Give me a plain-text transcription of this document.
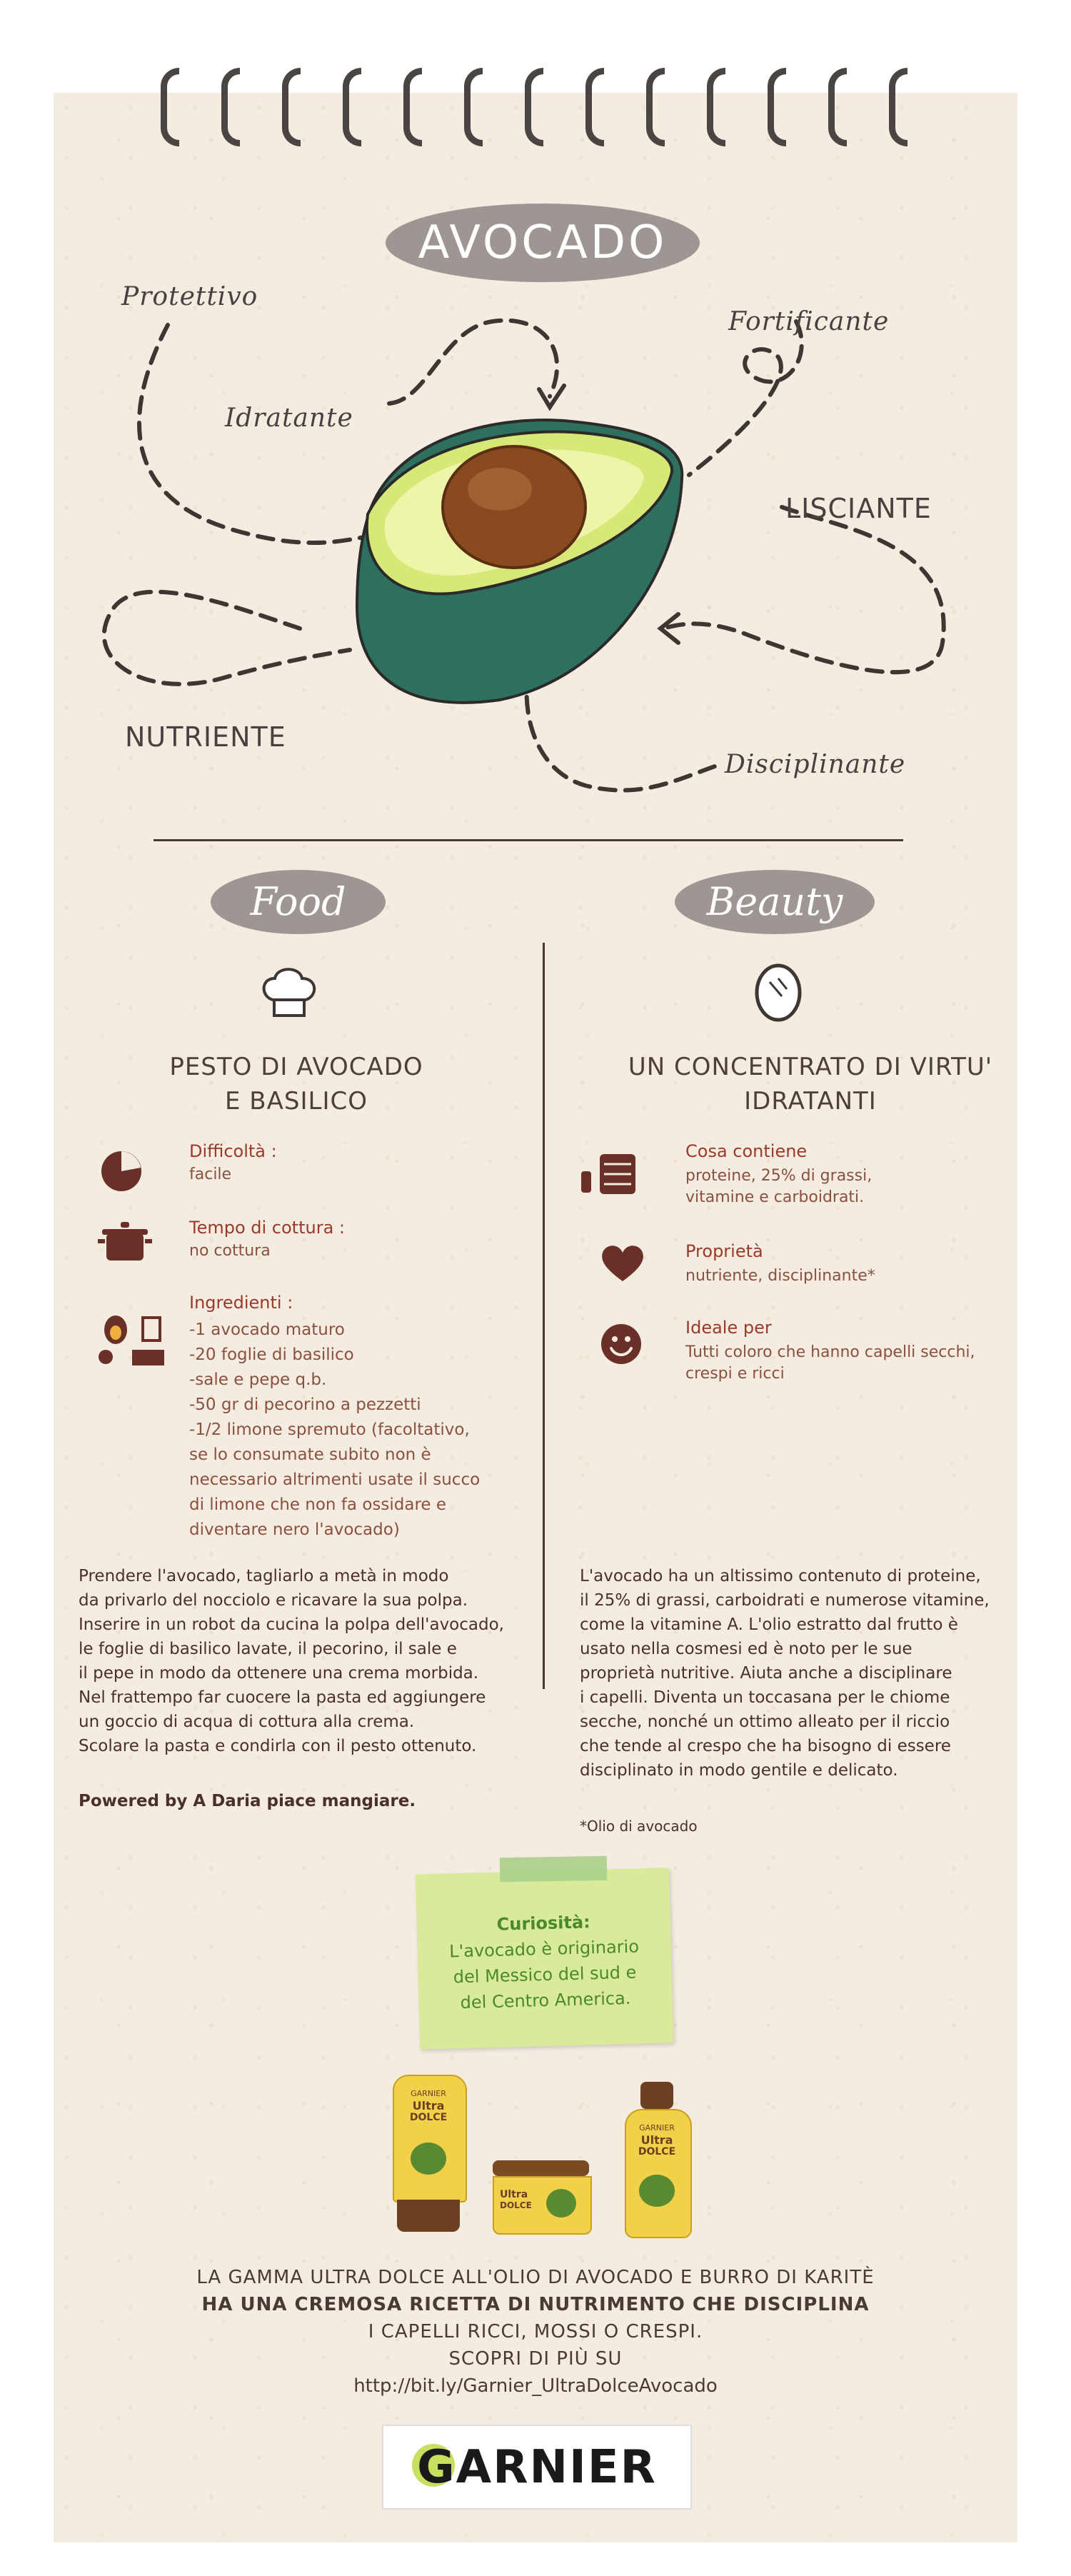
AVOCADO
Protettivo
Fortificante
Idratante
LISCIANTE
NUTRIENTE
Disciplinante
Food
PESTO DI AVOCADO
E BASILICO
Difficoltà :
facile
Tempo di cottura :
no cottura
Ingredienti :
-1 avocado maturo
-20 foglie di basilico
-sale e pepe q.b.
-50 gr di pecorino a pezzetti
-1/2 limone spremuto (facoltativo,
se lo consumate subito non è
necessario altrimenti usate il succo
di limone che non fa ossidare e
diventare nero l'avocado)
Prendere l'avocado, tagliarlo a metà in modo
da privarlo del nocciolo e ricavare la sua polpa.
Inserire in un robot da cucina la polpa dell'avocado,
le foglie di basilico lavate, il pecorino, il sale e
il pepe in modo da ottenere una crema morbida.
Nel frattempo far cuocere la pasta ed aggiungere
un goccio di acqua di cottura alla crema.
Scolare la pasta e condirla con il pesto ottenuto.
Powered by A Daria piace mangiare.
Beauty
UN CONCENTRATO DI VIRTU'
IDRATANTI
Cosa contiene
proteine, 25% di grassi,
vitamine e carboidrati.
Proprietà
nutriente, disciplinante*
Ideale per
Tutti coloro che hanno capelli secchi,
crespi e ricci
L'avocado ha un altissimo contenuto di proteine,
il 25% di grassi, carboidrati e numerose vitamine,
come la vitamine A. L'olio estratto dal frutto è
usato nella cosmesi ed è noto per le sue
proprietà nutritive. Aiuta anche a disciplinare
i capelli. Diventa un toccasana per le chiome
secche, nonché un ottimo alleato per il riccio
che tende al crespo che ha bisogno di essere
disciplinato in modo gentile e delicato.
*Olio di avocado
Curiosità:
L'avocado è originario
del Messico del sud e
del Centro America.
GARNIER
Ultra
DOLCE
Ultra
DOLCE
GARNIER
Ultra
DOLCE
LA GAMMA ULTRA DOLCE ALL'OLIO DI AVOCADO E BURRO DI KARITÈ
HA UNA CREMOSA RICETTA DI NUTRIMENTO CHE DISCIPLINA
I CAPELLI RICCI, MOSSI O CRESPI.
SCOPRI DI PIÙ SU
http://bit.ly/Garnier_UltraDolceAvocado
GARNIER
